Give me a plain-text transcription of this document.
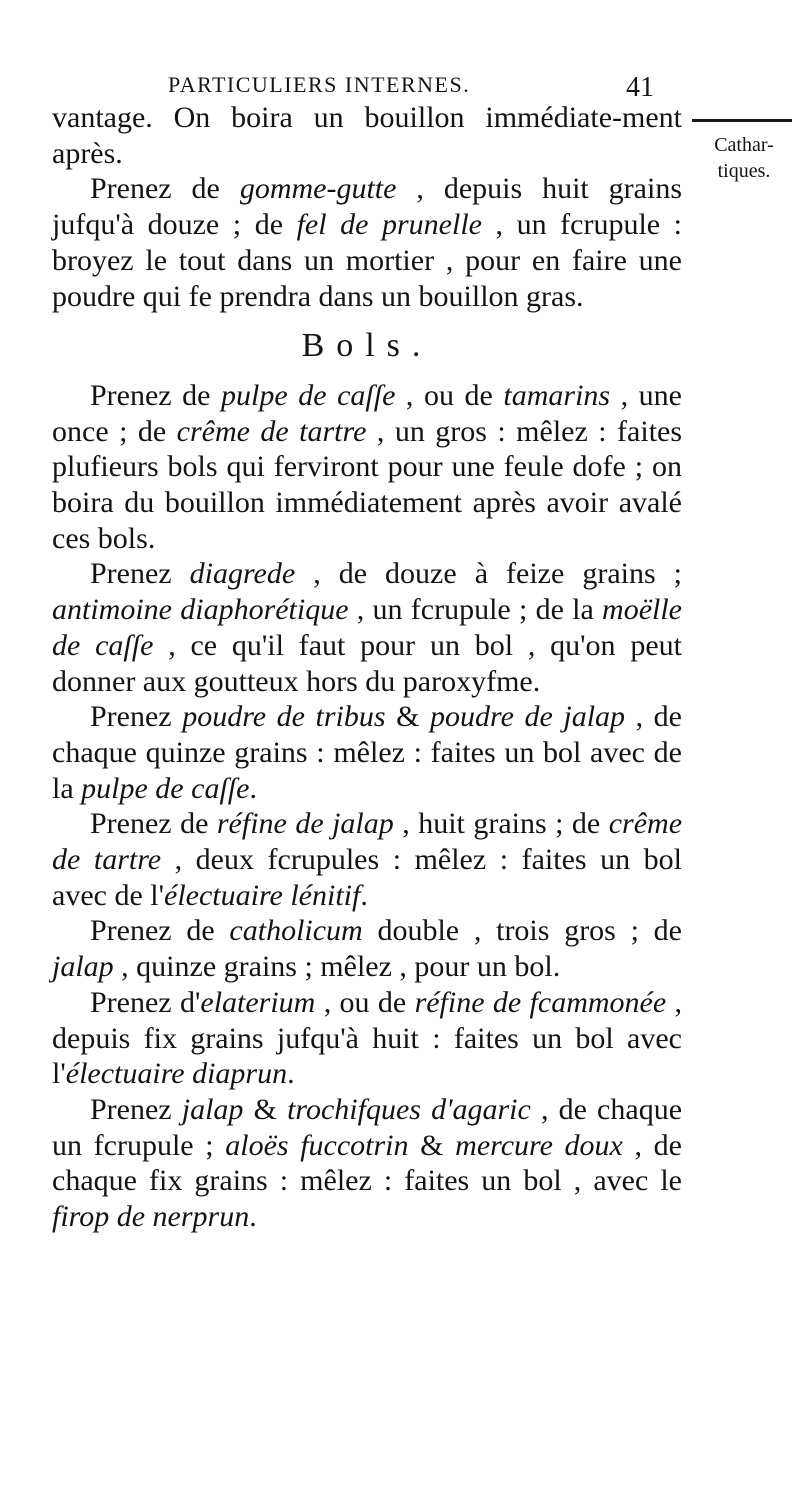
PARTICULIERS INTERNES.	41
Cathar-tiques.

vantage. On boira un bouillon immédiate-ment après.

Prenez de gomme-gutte , depuis huit grains jufqu'à douze ; de fel de prunelle , un fcrupule : broyez le tout dans un mortier , pour en faire une poudre qui fe prendra dans un bouillon gras.

Bols.

Prenez de pulpe de caſſe , ou de tamarins , une once ; de crême de tartre , un gros : mêlez : faites plufieurs bols qui ferviront pour une feule dofe ; on boira du bouillon immédiatement après avoir avalé ces bols.

Prenez diagrede , de douze à feize grains ; antimoine diaphorétique , un fcrupule ; de la moëlle de caſſe , ce qu'il faut pour un bol , qu'on peut donner aux goutteux hors du paroxyfme.

Prenez poudre de tribus & poudre de jalap , de chaque quinze grains : mêlez : faites un bol avec de la pulpe de caſſe.

Prenez de réfine de jalap , huit grains ; de crême de tartre , deux fcrupules : mêlez : faites un bol avec de l'électuaire lénitif.

Prenez de catholicum double , trois gros ; de jalap , quinze grains ; mêlez , pour un bol.

Prenez d'elaterium , ou de réfine de fcammonée , depuis fix grains jufqu'à huit : faites un bol avec l'électuaire diaprun.

Prenez jalap & trochifques d'agaric , de chaque un fcrupule ; aloës fuccotrin & mercure doux , de chaque fix grains : mêlez : faites un bol , avec le firop de nerprun.
